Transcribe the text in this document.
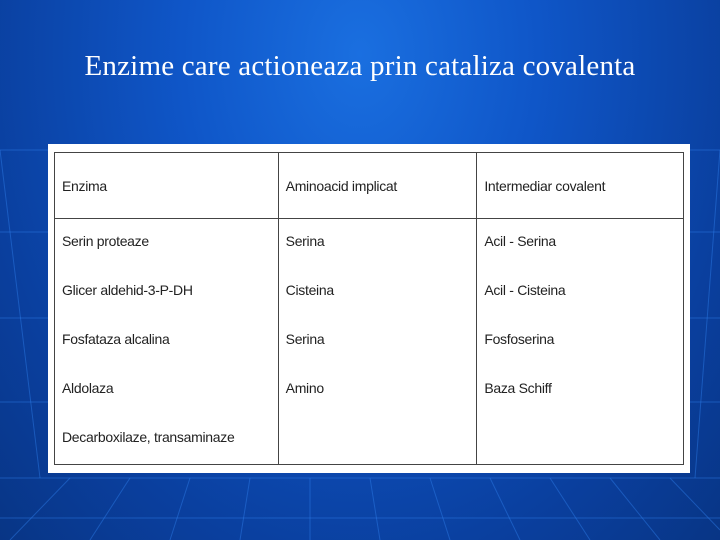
Enzime care actioneaza prin cataliza covalenta
Enzima	Aminoacid implicat	Intermediar covalent
Serin proteaze	Serina	Acil - Serina
Glicer aldehid-3-P-DH	Cisteina	Acil - Cisteina
Fosfataza alcalina	Serina	Fosfoserina
Aldolaza	Amino	Baza Schiff
Decarboxilaze, transaminaze		
